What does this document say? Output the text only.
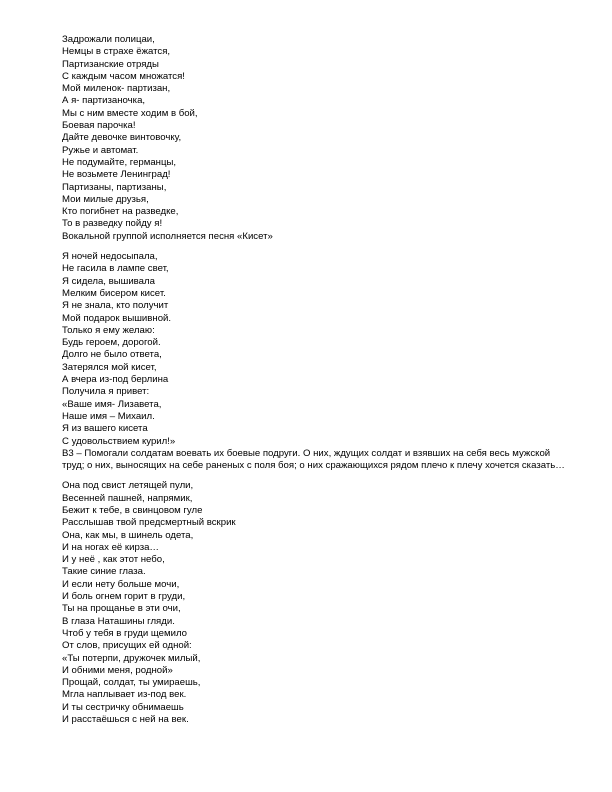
Задрожали полицаи,
Немцы в страхе ёжатся,
Партизанские отряды
С каждым часом множатся!
Мой миленок- партизан,
А я- партизаночка,
Мы с ним вместе ходим в бой,
Боевая парочка!
Дайте девочке винтовочку,
Ружье и автомат.
Не подумайте, германцы,
Не возьмете Ленинград!
Партизаны, партизаны,
Мои милые друзья,
Кто погибнет на разведке,
То в разведку пойду я!
Вокальной группой исполняется песня «Кисет»
Я ночей недосыпала,
Не гасила в лампе свет,
Я сидела, вышивала
Мелким бисером кисет.
Я не знала, кто получит
Мой подарок вышивной.
Только я ему желаю:
Будь героем, дорогой.
Долго не было ответа,
Затерялся мой кисет,
А вчера из-под берлина
Получила я привет:
«Ваше имя- Лизавета,
Наше имя – Михаил.
Я из вашего кисета
С удовольствием курил!»
В3 – Помогали солдатам воевать их боевые подруги. О них, ждущих солдат и взявших на себя весь мужской
труд; о них, выносящих на себе раненых с поля боя; о них сражающихся рядом плечо к плечу хочется сказать…
Она под свист летящей пули,
Весенней пашней, напрямик,
Бежит к тебе, в свинцовом гуле
Расслышав твой предсмертный вскрик
Она, как мы, в шинель одета,
И на ногах её кирза…
И у неё , как этот небо,
Такие синие глаза.
И если нету больше мочи,
И боль огнем горит в груди,
Ты на прощанье в эти очи,
В глаза Наташины гляди.
Чтоб у тебя в груди щемило
От слов, присущих ей одной:
«Ты потерпи, дружочек милый,
И обними меня, родной»
Прощай, солдат, ты умираешь,
Мгла наплывает из-под век.
И ты сестричку обнимаешь
И расстаёшься с ней на век.
